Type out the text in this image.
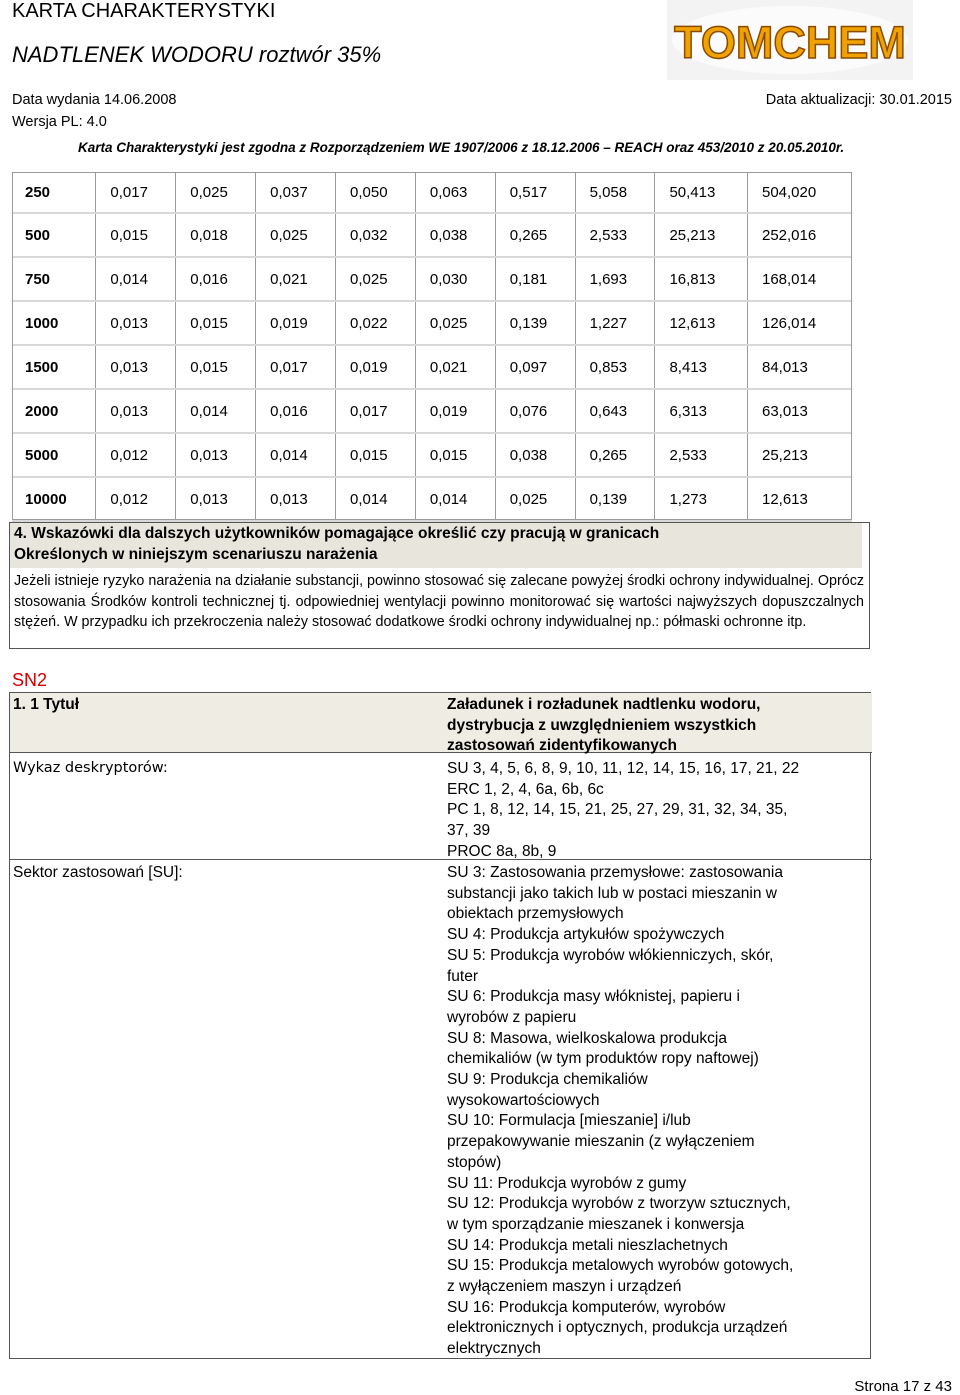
KARTA CHARAKTERYSTYKI
NADTLENEK WODORU roztwór 35%
Data wydania 14.06.2008
Wersja PL: 4.0
Data aktualizacji: 30.01.2015
Karta Charakterystyki jest zgodna z Rozporządzeniem WE 1907/2006 z 18.12.2006 – REACH oraz 453/2010 z 20.05.2010r.
TOMCHEM
250	0,017	0,025	0,037	0,050	0,063	0,517	5,058	50,413	504,020
500	0,015	0,018	0,025	0,032	0,038	0,265	2,533	25,213	252,016
750	0,014	0,016	0,021	0,025	0,030	0,181	1,693	16,813	168,014
1000	0,013	0,015	0,019	0,022	0,025	0,139	1,227	12,613	126,014
1500	0,013	0,015	0,017	0,019	0,021	0,097	0,853	8,413	84,013
2000	0,013	0,014	0,016	0,017	0,019	0,076	0,643	6,313	63,013
5000	0,012	0,013	0,014	0,015	0,015	0,038	0,265	2,533	25,213
10000	0,012	0,013	0,013	0,014	0,014	0,025	0,139	1,273	12,613
4. Wskazówki dla dalszych użytkowników pomagające określić czy pracują w granicach
Określonych w niniejszym scenariuszu narażenia
Jeżeli istnieje ryzyko narażenia na działanie substancji, powinno stosować się zalecane powyżej środki ochrony indywidualnej. Oprócz stosowania Środków kontroli technicznej tj. odpowiedniej wentylacji powinno monitorować się wartości najwyższych dopuszczalnych stężeń. W przypadku ich przekroczenia należy stosować dodatkowe środki ochrony indywidualnej np.: półmaski ochronne itp.
SN2
1. 1 Tytuł	Załadunek i rozładunek nadtlenku wodoru,
dystrybucja z uwzględnieniem wszystkich
zastosowań zidentyfikowanych
Wykaz deskryptorów:	SU 3, 4, 5, 6, 8, 9, 10, 11, 12, 14, 15, 16, 17, 21, 22
ERC 1, 2, 4, 6a, 6b, 6c
PC 1, 8, 12, 14, 15, 21, 25, 27, 29, 31, 32, 34, 35,
37, 39
PROC 8a, 8b, 9
Sektor zastosowań [SU]:	SU 3: Zastosowania przemysłowe: zastosowania
substancji jako takich lub w postaci mieszanin w
obiektach przemysłowych
SU 4: Produkcja artykułów spożywczych
SU 5: Produkcja wyrobów włókienniczych, skór,
futer
SU 6: Produkcja masy włóknistej, papieru i
wyrobów z papieru
SU 8: Masowa, wielkoskalowa produkcja
chemikaliów (w tym produktów ropy naftowej)
SU 9: Produkcja chemikaliów
wysokowartościowych
SU 10: Formulacja [mieszanie] i/lub
przepakowywanie mieszanin (z wyłączeniem
stopów)
SU 11: Produkcja wyrobów z gumy
SU 12: Produkcja wyrobów z tworzyw sztucznych,
w tym sporządzanie mieszanek i konwersja
SU 14: Produkcja metali nieszlachetnych
SU 15: Produkcja metalowych wyrobów gotowych,
z wyłączeniem maszyn i urządzeń
SU 16: Produkcja komputerów, wyrobów
elektronicznych i optycznych, produkcja urządzeń
elektrycznych
Strona 17 z 43
